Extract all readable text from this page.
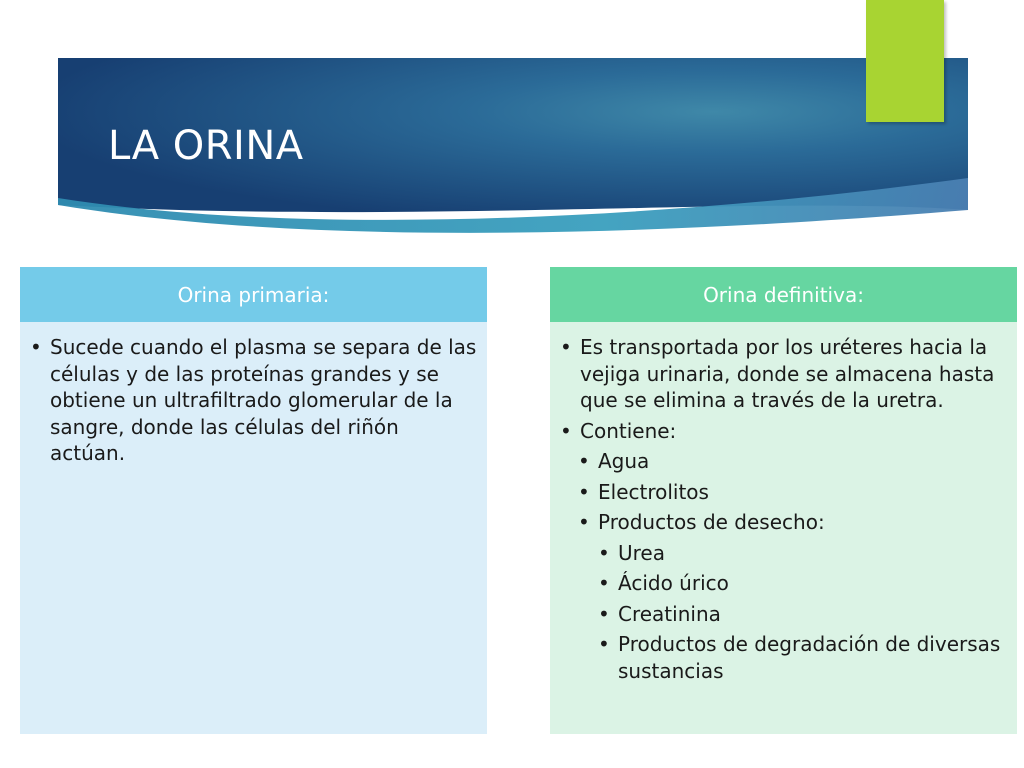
LA ORINA
Orina primaria:
• Sucede cuando el plasma se separa de las células y de las proteínas grandes y se obtiene un ultrafiltrado glomerular de la sangre, donde las células del riñón actúan.
Orina definitiva:
• Es transportada por los uréteres hacia la vejiga urinaria, donde se almacena hasta que se elimina a través de la uretra.
• Contiene:
• Agua
• Electrolitos
• Productos de desecho:
• Urea
• Ácido úrico
• Creatinina
• Productos de degradación de diversas sustancias
